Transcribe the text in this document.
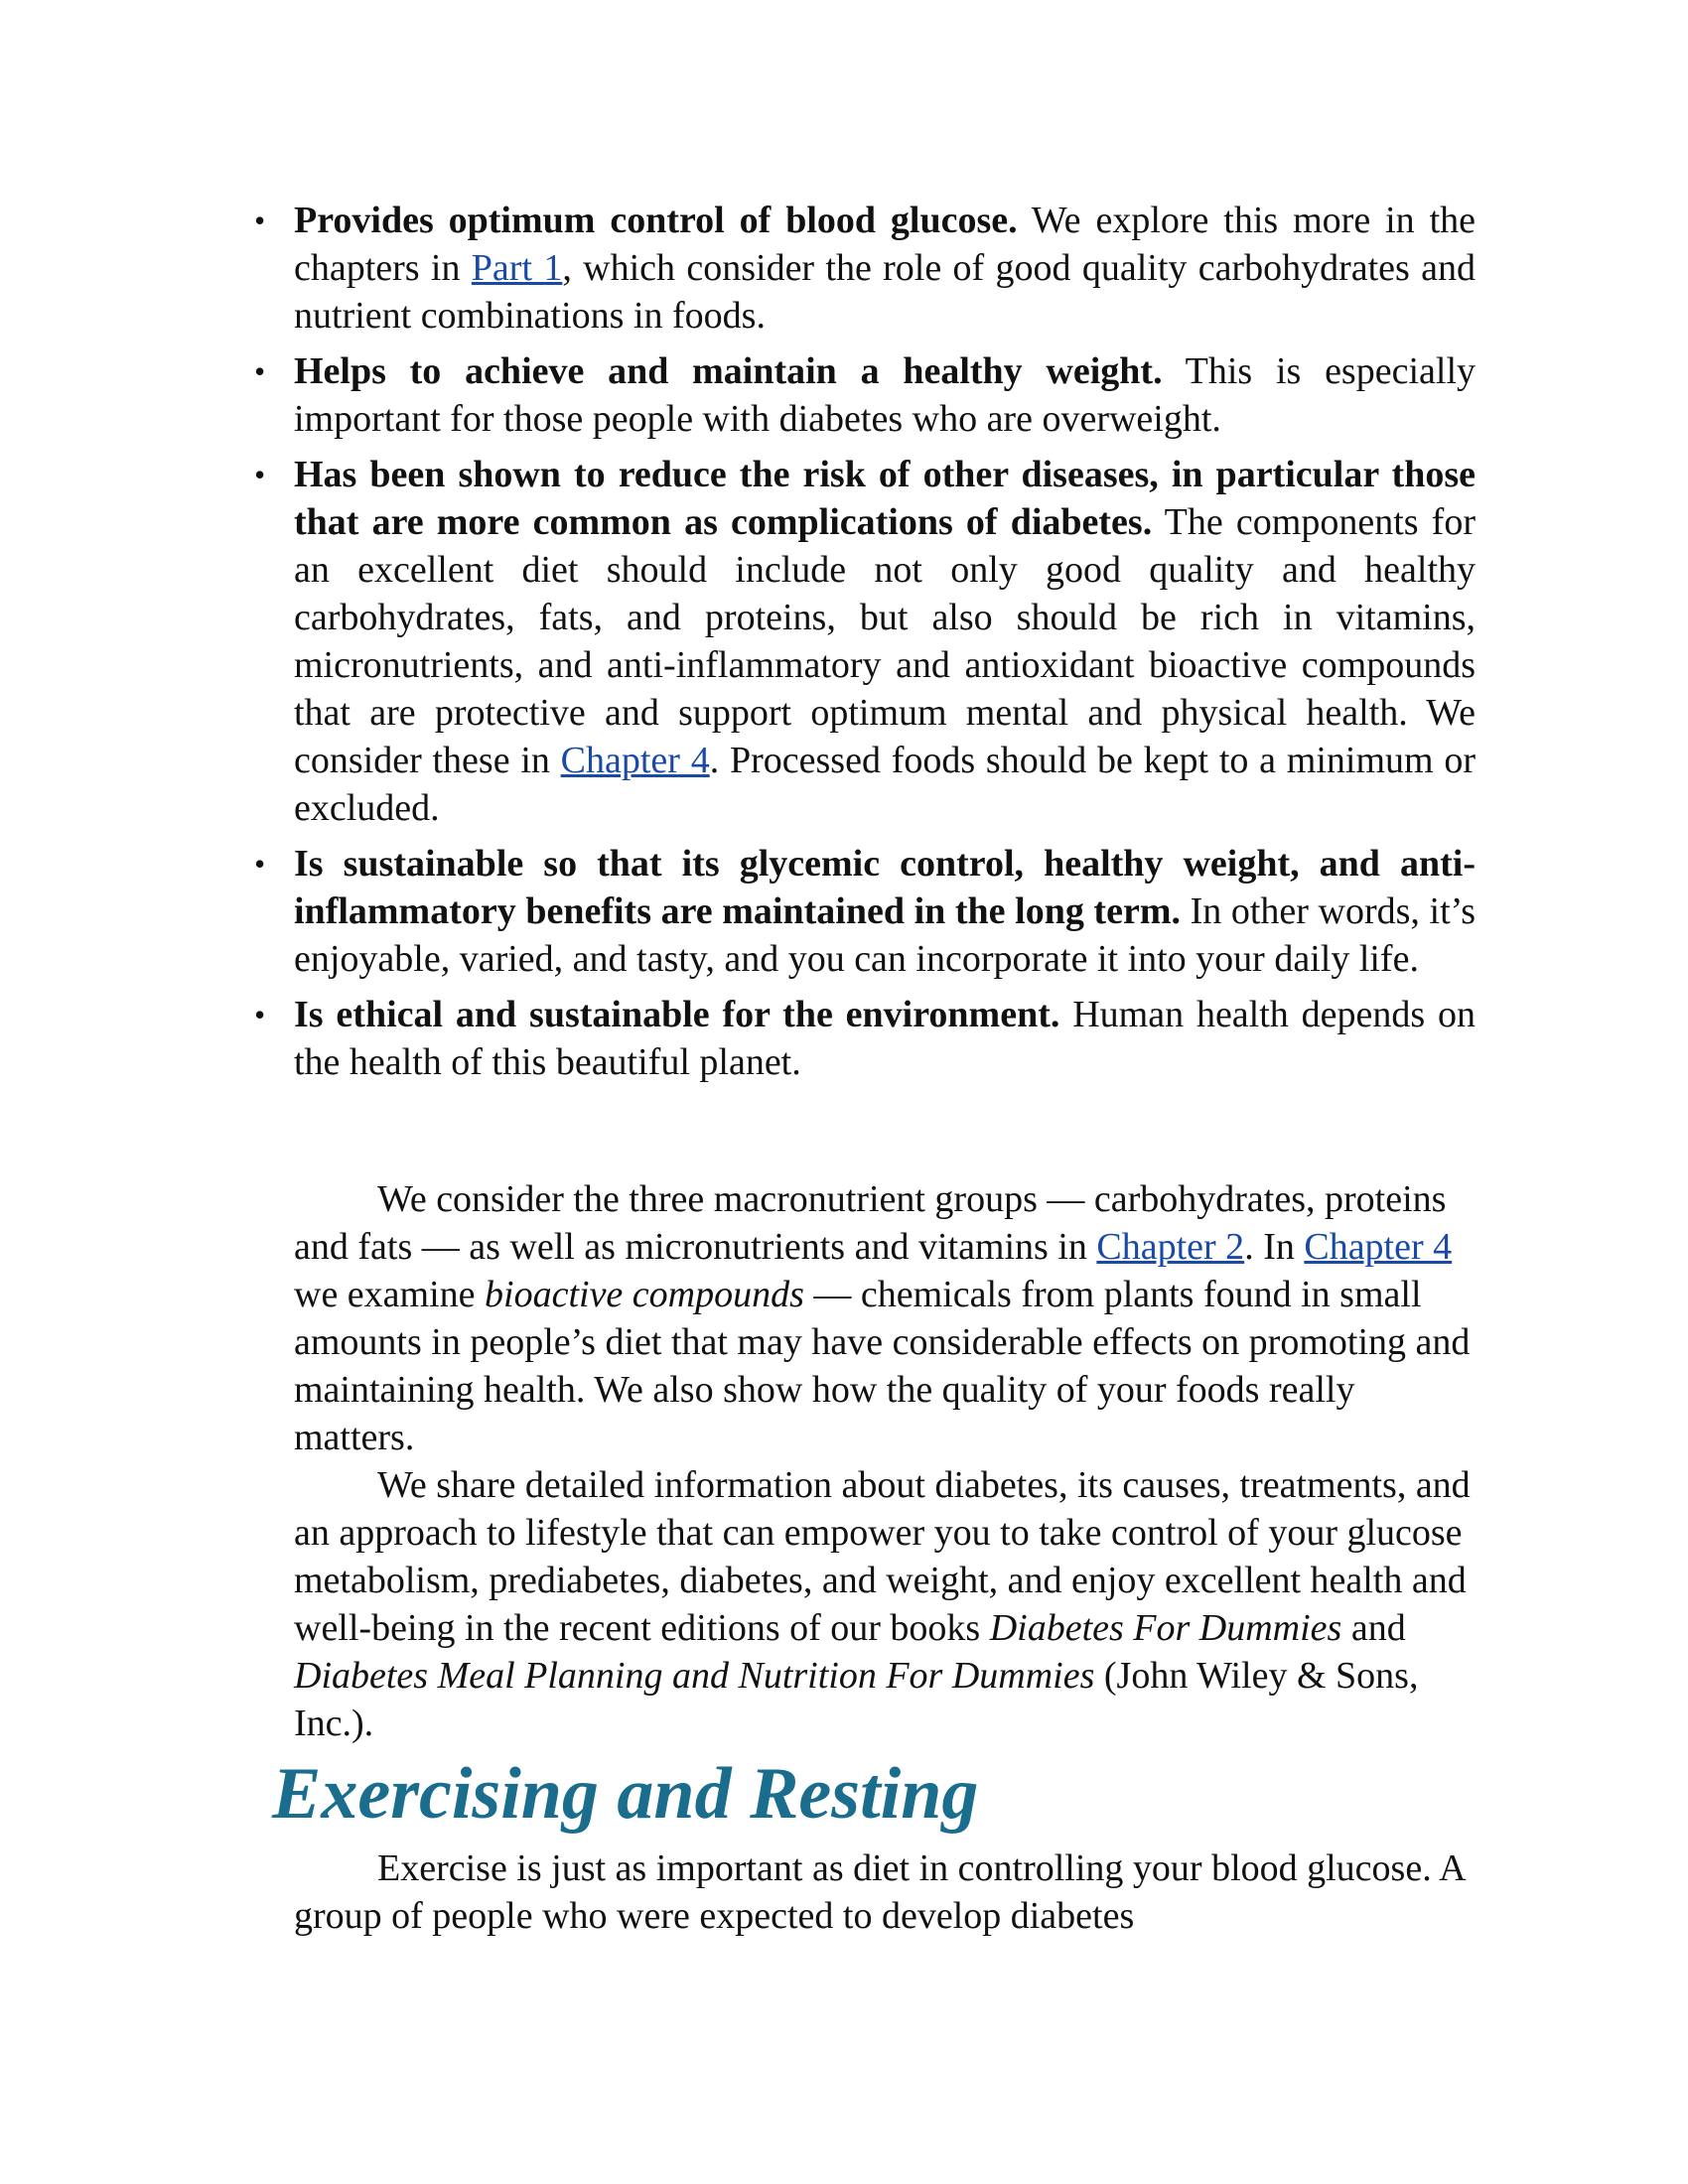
• Provides optimum control of blood glucose. We explore this more in the chapters in Part 1, which consider the role of good quality carbohydrates and nutrient combinations in foods.
• Helps to achieve and maintain a healthy weight. This is especially important for those people with diabetes who are overweight.
• Has been shown to reduce the risk of other diseases, in particular those that are more common as complications of diabetes. The components for an excellent diet should include not only good quality and healthy carbohydrates, fats, and proteins, but also should be rich in vitamins, micronutrients, and anti-inflammatory and antioxidant bioactive compounds that are protective and support optimum mental and physical health. We consider these in Chapter 4. Processed foods should be kept to a minimum or excluded.
• Is sustainable so that its glycemic control, healthy weight, and anti-inflammatory benefits are maintained in the long term. In other words, it’s enjoyable, varied, and tasty, and you can incorporate it into your daily life.
• Is ethical and sustainable for the environment. Human health depends on the health of this beautiful planet.

We consider the three macronutrient groups — carbohydrates, proteins and fats — as well as micronutrients and vitamins in Chapter 2. In Chapter 4 we examine bioactive compounds — chemicals from plants found in small amounts in people’s diet that may have considerable effects on promoting and maintaining health. We also show how the quality of your foods really matters.

We share detailed information about diabetes, its causes, treatments, and an approach to lifestyle that can empower you to take control of your glucose metabolism, prediabetes, diabetes, and weight, and enjoy excellent health and well-being in the recent editions of our books Diabetes For Dummies and Diabetes Meal Planning and Nutrition For Dummies (John Wiley & Sons, Inc.).

Exercising and Resting

Exercise is just as important as diet in controlling your blood glucose. A group of people who were expected to develop diabetes
